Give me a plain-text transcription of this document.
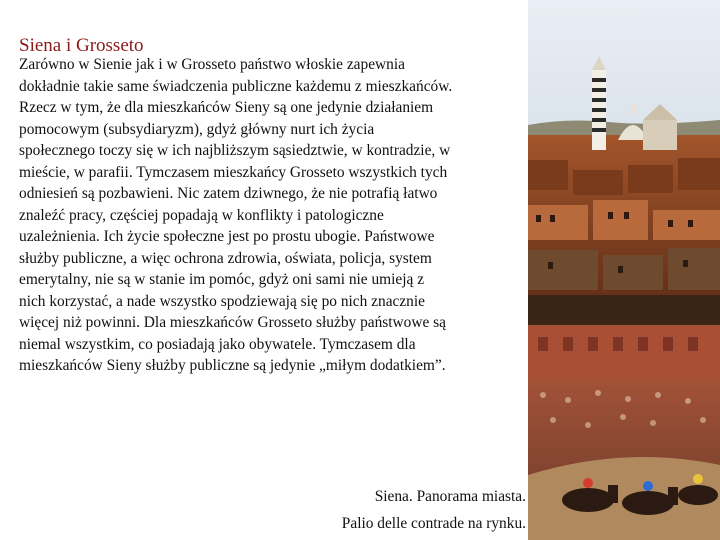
Siena i Grosseto
Zarówno w Sienie jak i w Grosseto państwo włoskie zapewnia
dokładnie takie same świadczenia publiczne każdemu z mieszkańców.
Rzecz w tym, że dla mieszkańców Sieny są one jedynie działaniem
pomocowym (subsydiaryzm), gdyż główny nurt ich życia
społecznego toczy się w ich najbliższym sąsiedztwie, w kontradzie, w
mieście, w parafii. Tymczasem mieszkańcy Grosseto wszystkich tych
odniesień są pozbawieni. Nic zatem dziwnego, że nie potrafią łatwo
znaleźć pracy, częściej popadają w konflikty i patologiczne
uzależnienia. Ich życie społeczne jest po prostu ubogie. Państwowe
służby publiczne, a więc ochrona zdrowia, oświata, policja, system
emerytalny, nie są w stanie im pomóc, gdyż oni sami nie umieją z
nich korzystać, a nade wszystko spodziewają się po nich znacznie
więcej niż powinni. Dla mieszkańców Grosseto służby państwowe są
niemal wszystkim, co posiadają jako obywatele. Tymczasem dla
mieszkańców Sieny służby publiczne są jedynie „miłym dodatkiem”.
Siena. Panorama miasta.
Palio delle contrade na rynku.
